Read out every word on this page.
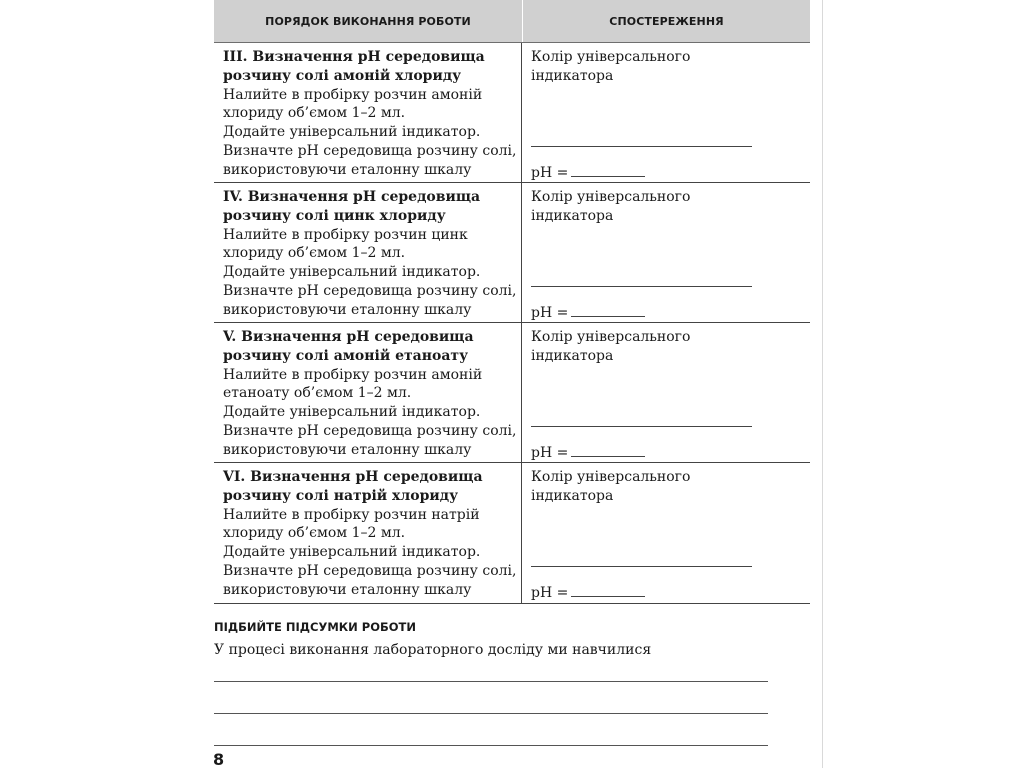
ПОРЯДОК ВИКОНАННЯ РОБОТИ	СПОСТЕРЕЖЕННЯ
III. Визначення pH середовища
розчину солі амоній хлориду
Налийте в пробірку розчин амоній
хлориду об’ємом 1–2 мл.
Додайте універсальний індикатор.
Визначте pH середовища розчину солі,
використовуючи еталонну шкалу
Колір універсального
індикатора
pH =
IV. Визначення pH середовища
розчину солі цинк хлориду
Налийте в пробірку розчин цинк
хлориду об’ємом 1–2 мл.
Додайте універсальний індикатор.
Визначте pH середовища розчину солі,
використовуючи еталонну шкалу
Колір універсального
індикатора
pH =
V. Визначення pH середовища
розчину солі амоній етаноату
Налийте в пробірку розчин амоній
етаноату об’ємом 1–2 мл.
Додайте універсальний індикатор.
Визначте pH середовища розчину солі,
використовуючи еталонну шкалу
Колір універсального
індикатора
pH =
VI. Визначення pH середовища
розчину солі натрій хлориду
Налийте в пробірку розчин натрій
хлориду об’ємом 1–2 мл.
Додайте універсальний індикатор.
Визначте pH середовища розчину солі,
використовуючи еталонну шкалу
Колір універсального
індикатора
pH =
ПІДБИЙТЕ ПІДСУМКИ РОБОТИ
У процесі виконання лабораторного досліду ми навчилися
8
